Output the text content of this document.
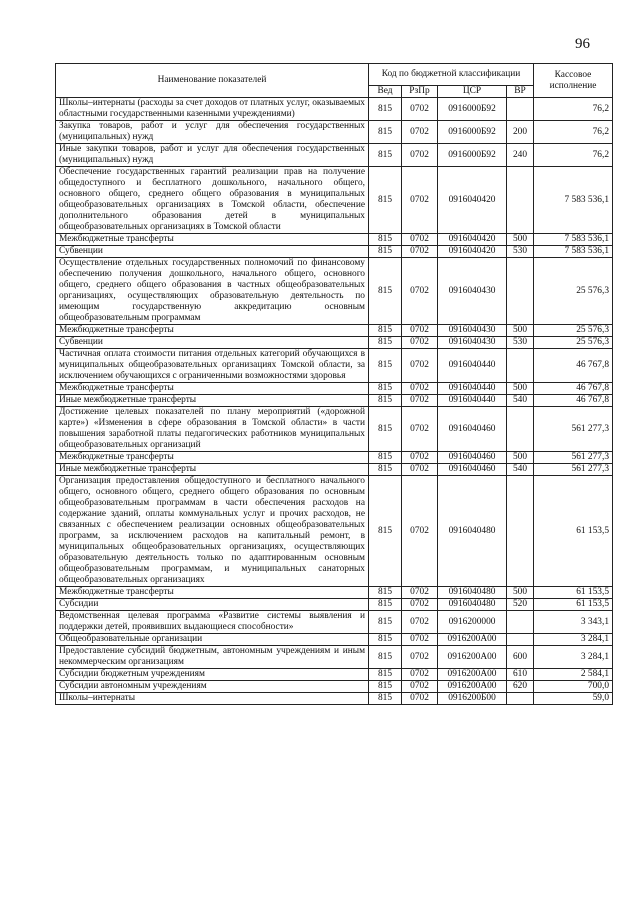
96
Наименование показателей	Код по бюджетной классификации				Кассовое исполнение
	Вед	РзПр	ЦСР	ВР	
Школы–интернаты (расходы за счет доходов от платных услуг, оказываемых областными государственными казенными учреждениями)	815	0702	0916000Б92		76,2
Закупка товаров, работ и услуг для обеспечения государственных (муниципальных) нужд	815	0702	0916000Б92	200	76,2
Иные закупки товаров, работ и услуг для обеспечения государственных (муниципальных) нужд	815	0702	0916000Б92	240	76,2
Обеспечение государственных гарантий реализации прав на получение общедоступного и бесплатного дошкольного, начального общего, основного общего, среднего общего образования в муниципальных общеобразовательных организациях в Томской области, обеспечение дополнительного образования детей в муниципальных общеобразовательных организациях в Томской области	815	0702	0916040420		7 583 536,1
Межбюджетные трансферты	815	0702	0916040420	500	7 583 536,1
Субвенции	815	0702	0916040420	530	7 583 536,1
Осуществление отдельных государственных полномочий по финансовому обеспечению получения дошкольного, начального общего, основного общего, среднего общего образования в частных общеобразовательных организациях, осуществляющих образовательную деятельность по имеющим государственную аккредитацию основным общеобразовательным программам	815	0702	0916040430		25 576,3
Межбюджетные трансферты	815	0702	0916040430	500	25 576,3
Субвенции	815	0702	0916040430	530	25 576,3
Частичная оплата стоимости питания отдельных категорий обучающихся в муниципальных общеобразовательных организациях Томской области, за исключением обучающихся с ограниченными возможностями здоровья	815	0702	0916040440		46 767,8
Межбюджетные трансферты	815	0702	0916040440	500	46 767,8
Иные межбюджетные трансферты	815	0702	0916040440	540	46 767,8
Достижение целевых показателей по плану мероприятий («дорожной карте») «Изменения в сфере образования в Томской области» в части повышения заработной платы педагогических работников муниципальных общеобразовательных организаций	815	0702	0916040460		561 277,3
Межбюджетные трансферты	815	0702	0916040460	500	561 277,3
Иные межбюджетные трансферты	815	0702	0916040460	540	561 277,3
Организация предоставления общедоступного и бесплатного начального общего, основного общего, среднего общего образования по основным общеобразовательным программам в части обеспечения расходов на содержание зданий, оплаты коммунальных услуг и прочих расходов, не связанных с обеспечением реализации основных общеобразовательных программ, за исключением расходов на капитальный ремонт, в муниципальных общеобразовательных организациях, осуществляющих образовательную деятельность только по адаптированным основным общеобразовательным программам, и муниципальных санаторных общеобразовательных организациях	815	0702	0916040480		61 153,5
Межбюджетные трансферты	815	0702	0916040480	500	61 153,5
Субсидии	815	0702	0916040480	520	61 153,5
Ведомственная целевая программа «Развитие системы выявления и поддержки детей, проявивших выдающиеся способности»	815	0702	0916200000		3 343,1
Общеобразовательные организации	815	0702	0916200А00		3 284,1
Предоставление субсидий бюджетным, автономным учреждениям и иным некоммерческим организациям	815	0702	0916200А00	600	3 284,1
Субсидии бюджетным учреждениям	815	0702	0916200А00	610	2 584,1
Субсидии автономным учреждениям	815	0702	0916200А00	620	700,0
Школы–интернаты	815	0702	0916200Б00		59,0
